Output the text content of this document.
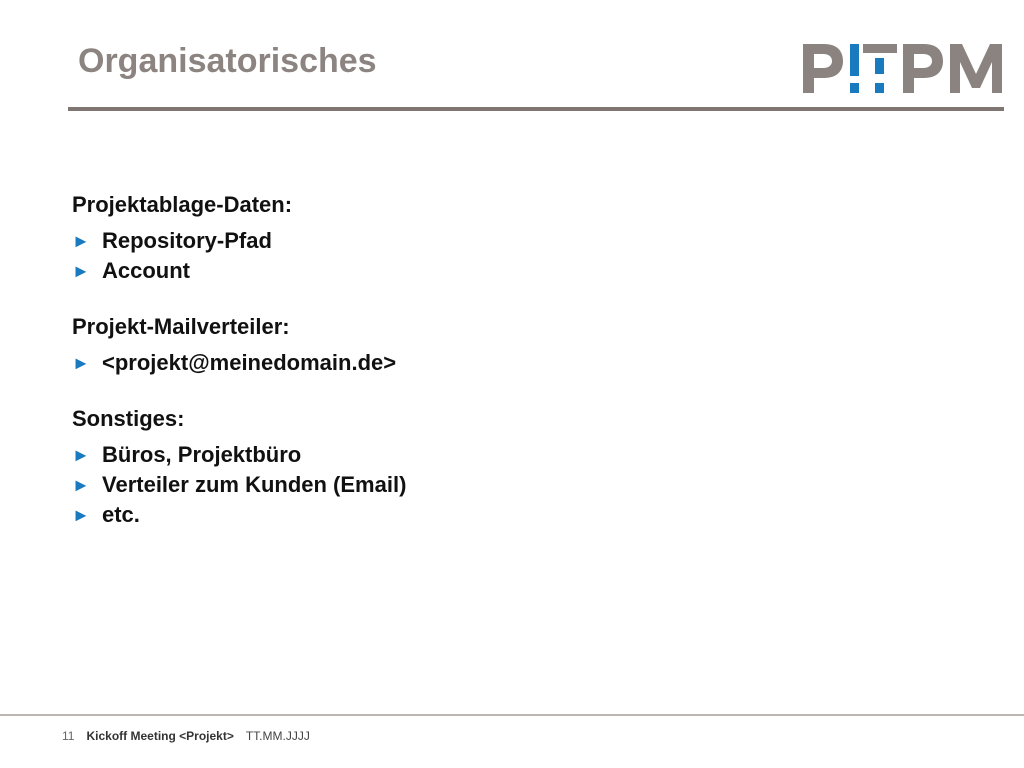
Organisatorisches
Projektablage-Daten:
► Repository-Pfad
► Account
Projekt-Mailverteiler:
► <projekt@meinedomain.de>
Sonstiges:
► Büros, Projektbüro
► Verteiler zum Kunden (Email)
► etc.
11 Kickoff Meeting <Projekt> TT.MM.JJJJ
